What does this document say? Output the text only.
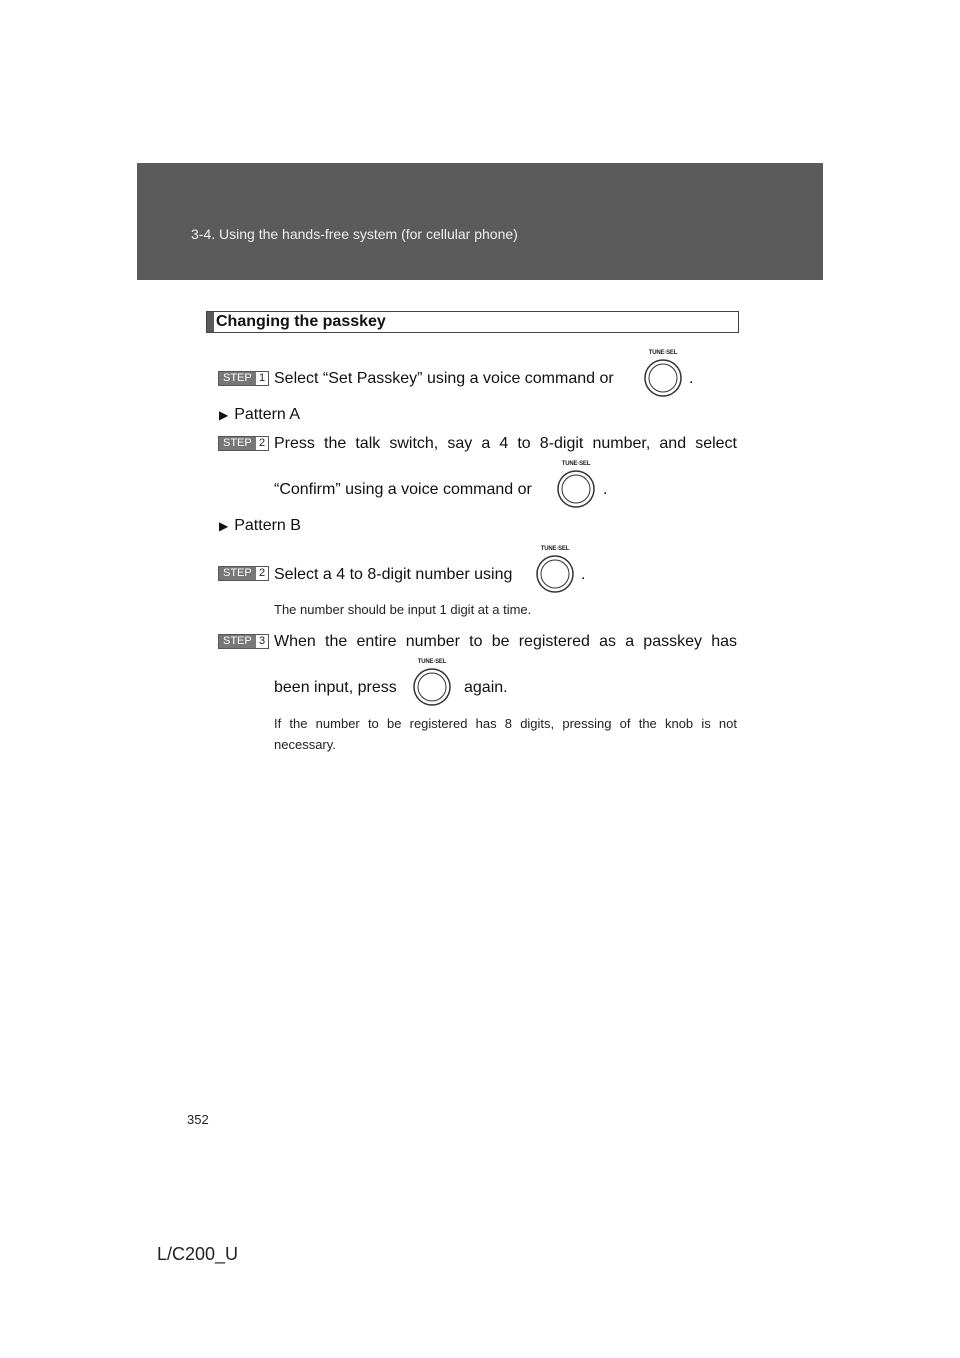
3-4. Using the hands-free system (for cellular phone)
Changing the passkey
STEP 1 Select “Set Passkey” using a voice command or
TUNE·SEL
.
▶ Pattern A
STEP 2 Press the talk switch, say a 4 to 8-digit number, and select
“Confirm” using a voice command or
TUNE·SEL
.
▶ Pattern B
STEP 2 Select a 4 to 8-digit number using
TUNE·SEL
.
The number should be input 1 digit at a time.
STEP 3 When the entire number to be registered as a passkey has
been input, press
TUNE·SEL
again.
If the number to be registered has 8 digits, pressing of the knob is not necessary.
352
L/C200_U
